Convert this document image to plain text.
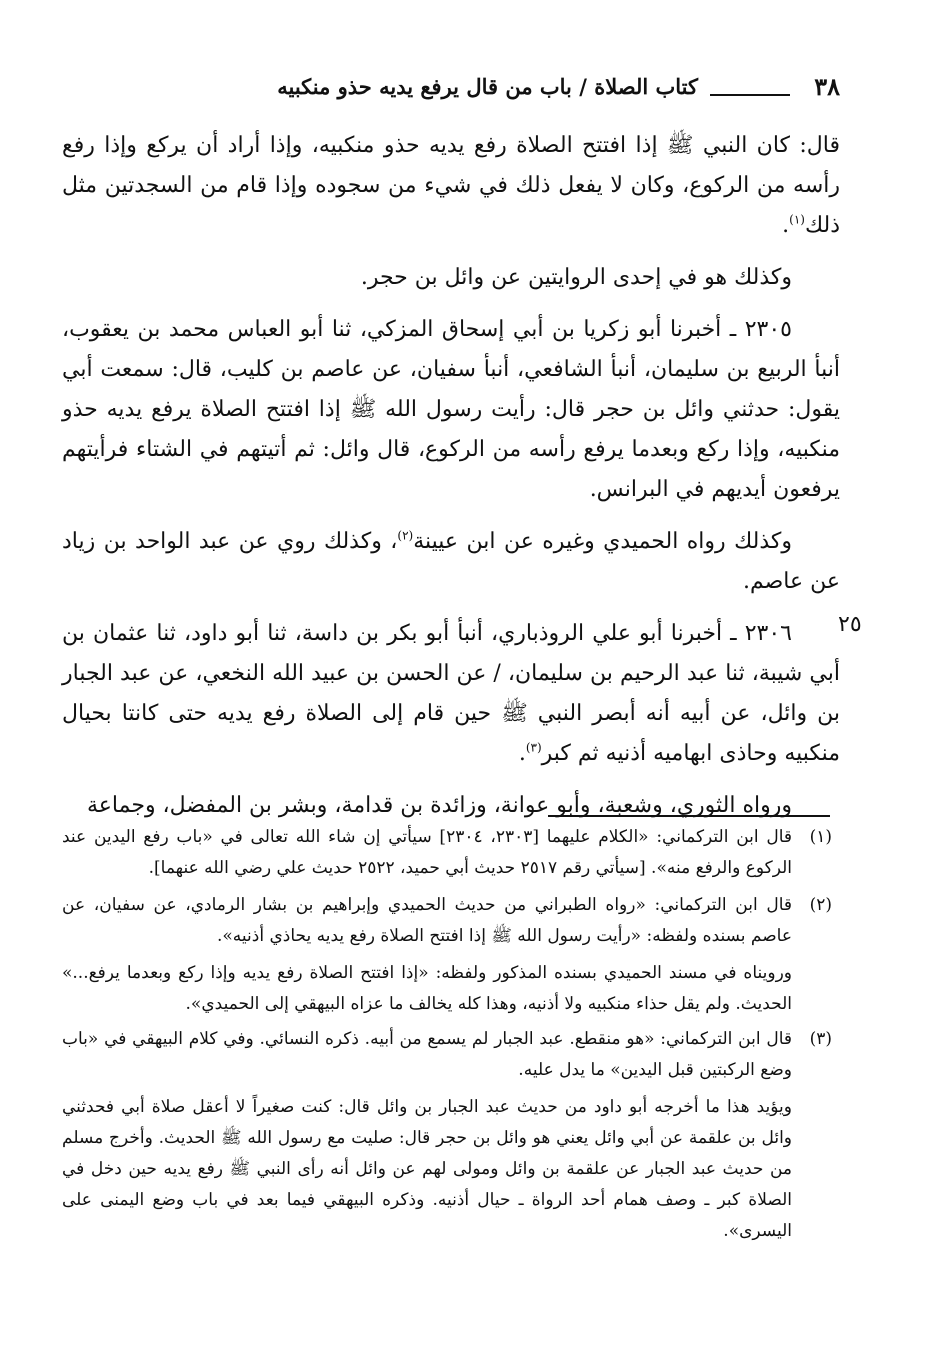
٣٨
كتاب الصلاة / باب من قال يرفع يديه حذو منكبيه

قال: كان النبي ﷺ إذا افتتح الصلاة رفع يديه حذو منكبيه، وإذا أراد أن يركع وإذا رفع رأسه من الركوع، وكان لا يفعل ذلك في شيء من سجوده وإذا قام من السجدتين مثل ذلك$^{(١)}$.

وكذلك هو في إحدى الروايتين عن وائل بن حجر.

٢٣٠٥ ـ أخبرنا أبو زكريا بن أبي إسحاق المزكي، ثنا أبو العباس محمد بن يعقوب، أنبأ الربيع بن سليمان، أنبأ الشافعي، أنبأ سفيان، عن عاصم بن كليب، قال: سمعت أبي يقول: حدثني وائل بن حجر قال: رأيت رسول الله ﷺ إذا افتتح الصلاة يرفع يديه حذو منكبيه، وإذا ركع وبعدما يرفع رأسه من الركوع، قال وائل: ثم أتيتهم في الشتاء فرأيتهم يرفعون أيديهم في البرانس.

وكذلك رواه الحميدي وغيره عن ابن عيينة$^{(٢)}$، وكذلك روي عن عبد الواحد بن زياد عن عاصم.

٢٣٠٦ ـ أخبرنا أبو علي الروذباري، أنبأ أبو بكر بن داسة، ثنا أبو داود، ثنا عثمان بن أبي شيبة، ثنا عبد الرحيم بن سليمان، / عن الحسن بن عبيد الله النخعي، عن عبد الجبار بن وائل، عن أبيه أنه أبصر النبي ﷺ حين قام إلى الصلاة رفع يديه حتى كانتا بحيال منكبيه وحاذى ابهاميه أذنيه ثم كبر$^{(٣)}$.

ورواه الثوري، وشعبة، وأبو عوانة، وزائدة بن قدامة، وبشر بن المفضل، وجماعة

٢٥
(١)
قال ابن التركماني: «الكلام عليهما [٢٣٠٣، ٢٣٠٤] سيأتي إن شاء الله تعالى في «باب رفع اليدين عند الركوع والرفع منه». [سيأتي رقم ٢٥١٧ حديث أبي حميد، ٢٥٢٢ حديث علي رضي الله عنهما].
(٢)
قال ابن التركماني: «رواه الطبراني من حديث الحميدي وإبراهيم بن بشار الرمادي، عن سفيان، عن عاصم بسنده ولفظه: «رأيت رسول الله ﷺ إذا افتتح الصلاة رفع يديه يحاذي أذنيه».

ورويناه في مسند الحميدي بسنده المذكور ولفظه: «إذا افتتح الصلاة رفع يديه وإذا ركع وبعدما يرفع...» الحديث. ولم يقل حذاء منكبيه ولا أذنيه، وهذا كله يخالف ما عزاه البيهقي إلى الحميدي».

(٣)
قال ابن التركماني: «هو منقطع. عبد الجبار لم يسمع من أبيه. ذكره النسائي. وفي كلام البيهقي في «باب وضع الركبتين قبل اليدين» ما يدل عليه.

ويؤيد هذا ما أخرجه أبو داود من حديث عبد الجبار بن وائل قال: كنت صغيراً لا أعقل صلاة أبي فحدثني وائل بن علقمة عن أبي وائل يعني هو وائل بن حجر قال: صليت مع رسول الله ﷺ الحديث. وأخرج مسلم من حديث عبد الجبار عن علقمة بن وائل ومولى لهم عن وائل أنه رأى النبي ﷺ رفع يديه حين دخل في الصلاة كبر ـ وصف همام أحد الرواة ـ حيال أذنيه. وذكره البيهقي فيما بعد في باب وضع اليمنى على اليسرى».
